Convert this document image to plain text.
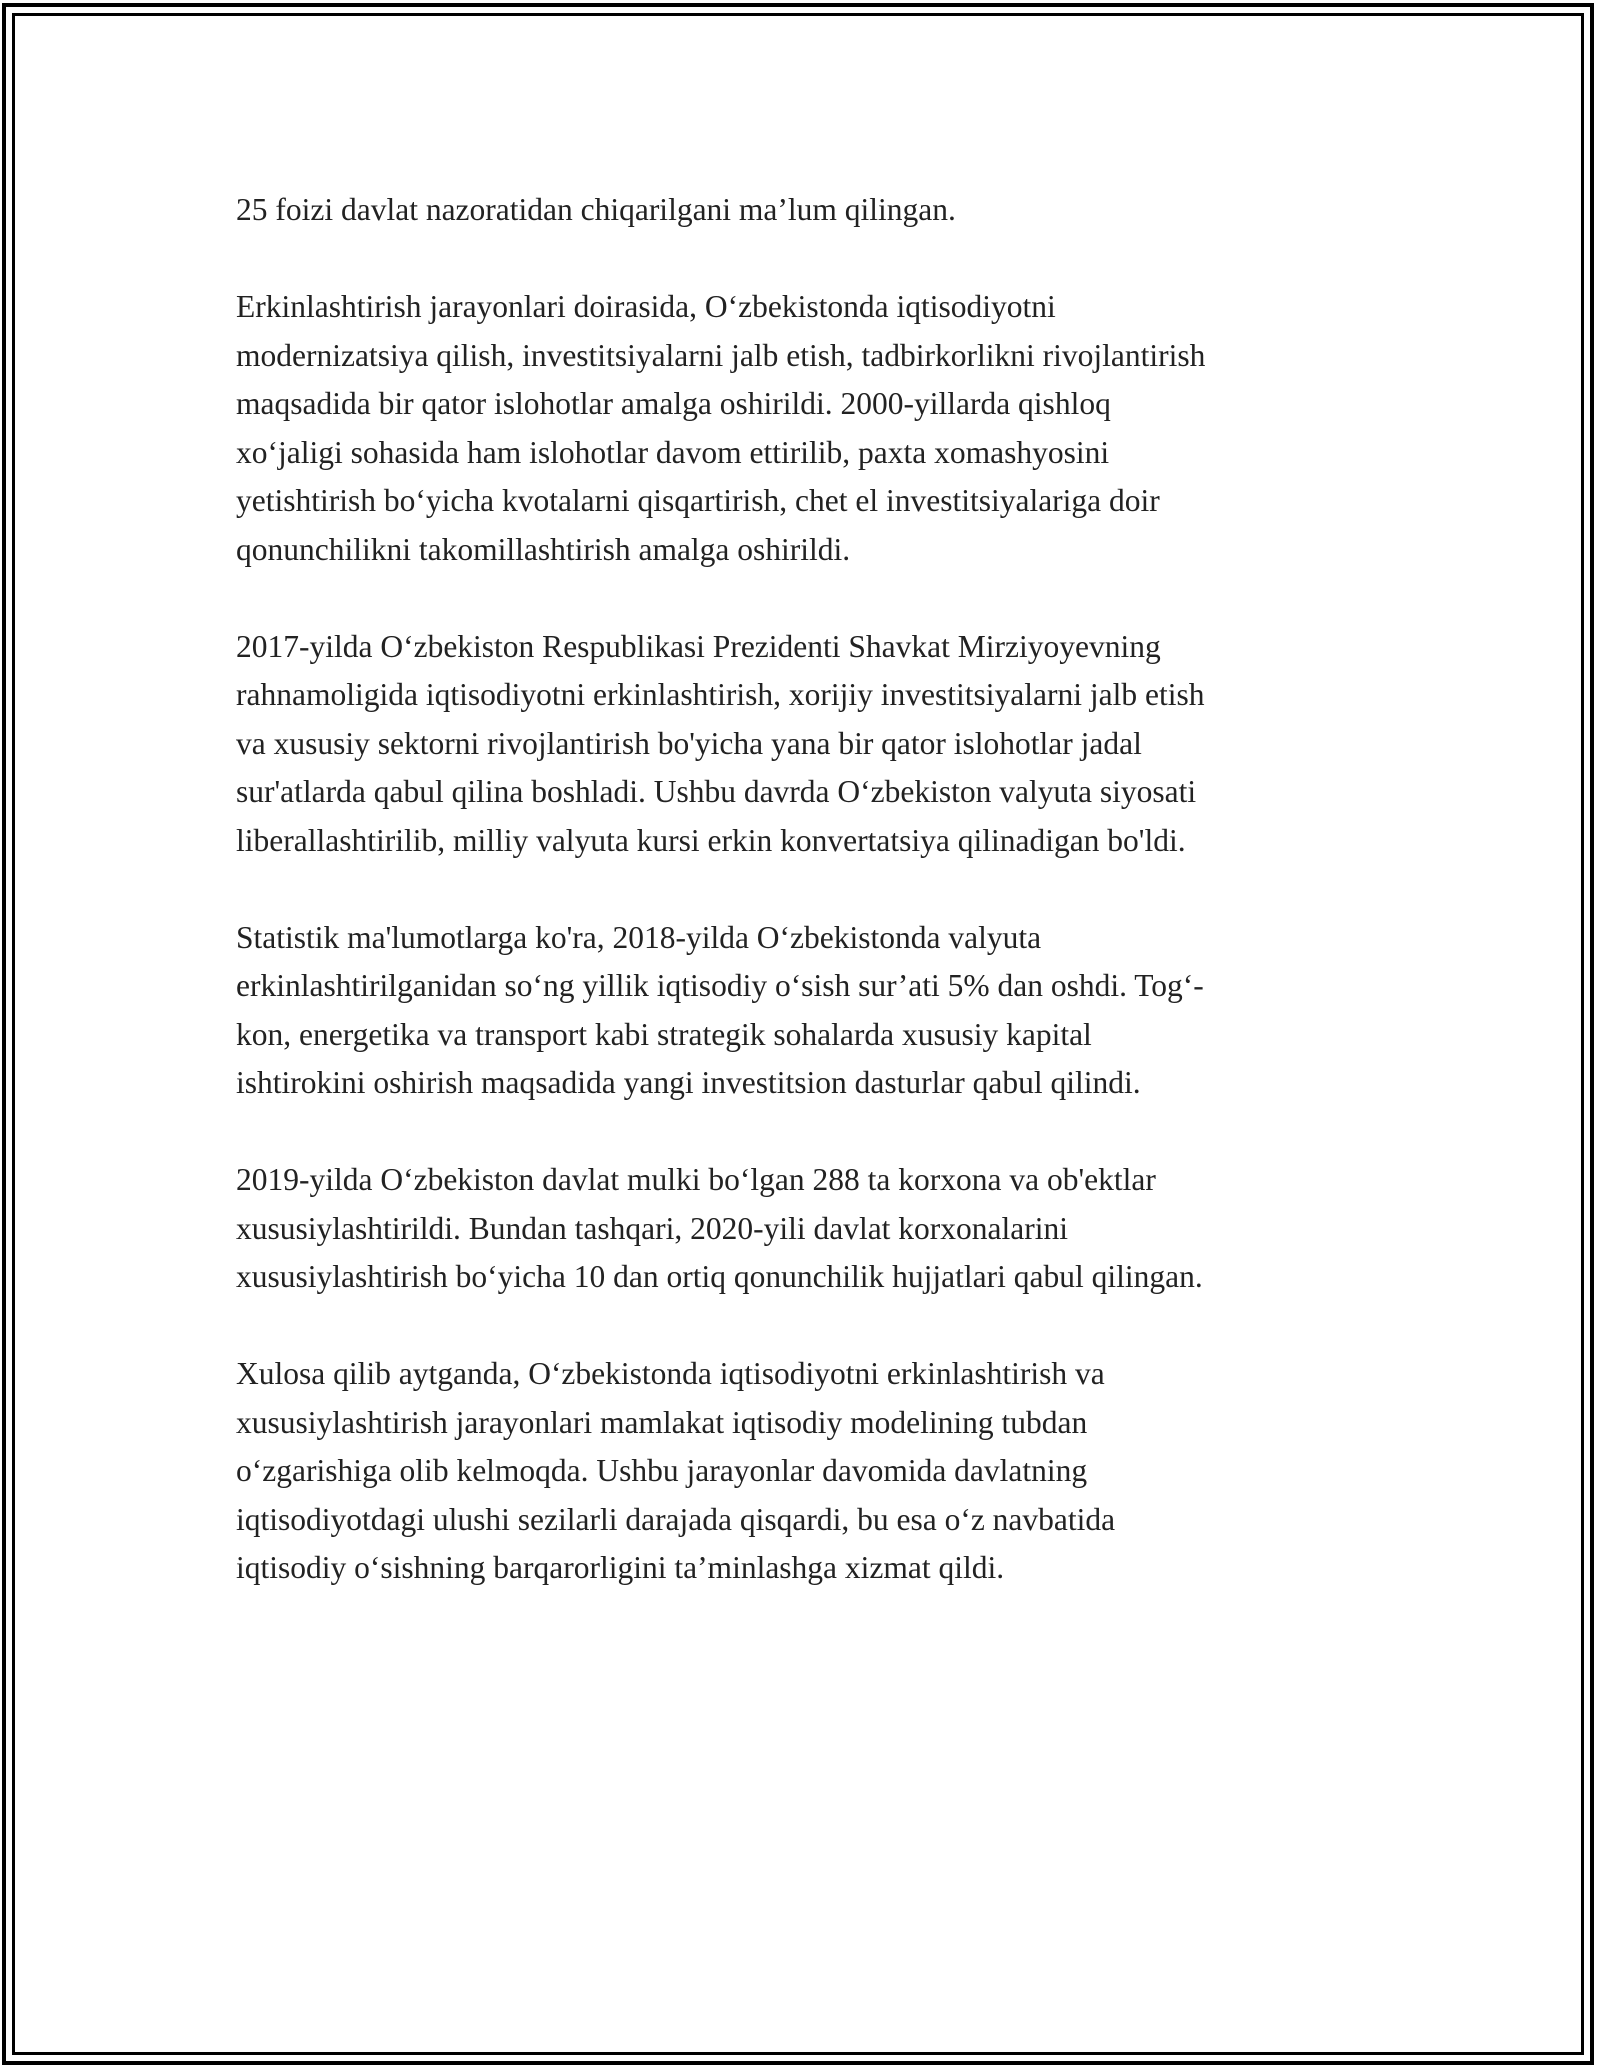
25 foizi davlat nazoratidan chiqarilgani ma’lum qilingan.

Erkinlashtirish jarayonlari doirasida, O‘zbekistonda iqtisodiyotni
modernizatsiya qilish, investitsiyalarni jalb etish, tadbirkorlikni rivojlantirish
maqsadida bir qator islohotlar amalga oshirildi. 2000-yillarda qishloq
xo‘jaligi sohasida ham islohotlar davom ettirilib, paxta xomashyosini
yetishtirish bo‘yicha kvotalarni qisqartirish, chet el investitsiyalariga doir
qonunchilikni takomillashtirish amalga oshirildi.

2017-yilda O‘zbekiston Respublikasi Prezidenti Shavkat Mirziyoyevning
rahnamoligida iqtisodiyotni erkinlashtirish, xorijiy investitsiyalarni jalb etish
va xususiy sektorni rivojlantirish bo'yicha yana bir qator islohotlar jadal
sur'atlarda qabul qilina boshladi. Ushbu davrda O‘zbekiston valyuta siyosati
liberallashtirilib, milliy valyuta kursi erkin konvertatsiya qilinadigan bo'ldi.

Statistik ma'lumotlarga ko'ra, 2018-yilda O‘zbekistonda valyuta
erkinlashtirilganidan so‘ng yillik iqtisodiy o‘sish sur’ati 5% dan oshdi. Tog‘-
kon, energetika va transport kabi strategik sohalarda xususiy kapital
ishtirokini oshirish maqsadida yangi investitsion dasturlar qabul qilindi.

2019-yilda O‘zbekiston davlat mulki bo‘lgan 288 ta korxona va ob'ektlar
xususiylashtirildi. Bundan tashqari, 2020-yili davlat korxonalarini
xususiylashtirish bo‘yicha 10 dan ortiq qonunchilik hujjatlari qabul qilingan.

Xulosa qilib aytganda, O‘zbekistonda iqtisodiyotni erkinlashtirish va
xususiylashtirish jarayonlari mamlakat iqtisodiy modelining tubdan
o‘zgarishiga olib kelmoqda. Ushbu jarayonlar davomida davlatning
iqtisodiyotdagi ulushi sezilarli darajada qisqardi, bu esa o‘z navbatida
iqtisodiy o‘sishning barqarorligini ta’minlashga xizmat qildi.
